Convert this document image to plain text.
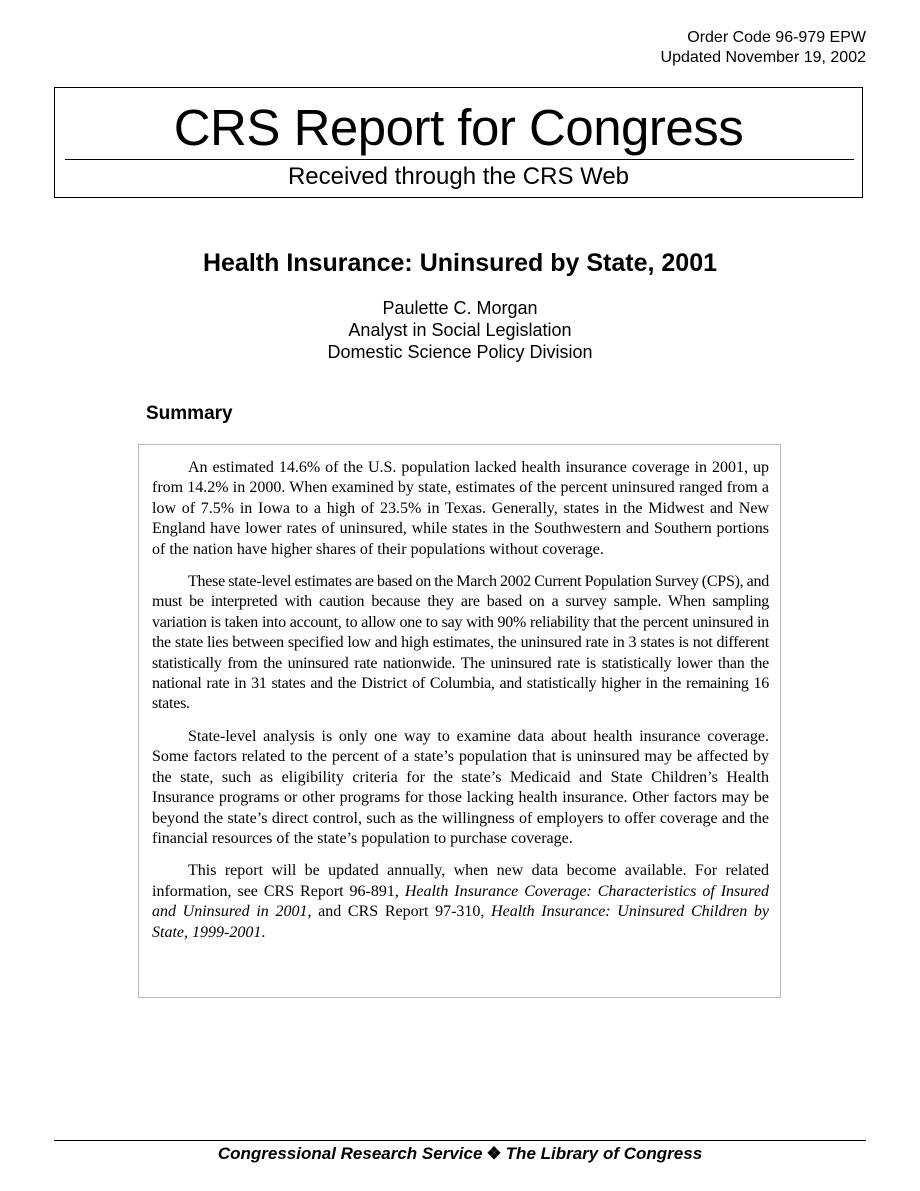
Order Code 96-979 EPW
Updated November 19, 2002
CRS Report for Congress
Received through the CRS Web
Health Insurance: Uninsured by State, 2001
Paulette C. Morgan
Analyst in Social Legislation
Domestic Science Policy Division
Summary

An estimated 14.6% of the U.S. population lacked health insurance coverage in 2001, up from 14.2% in 2000. When examined by state, estimates of the percent uninsured ranged from a low of 7.5% in Iowa to a high of 23.5% in Texas. Generally, states in the Midwest and New England have lower rates of uninsured, while states in the Southwestern and Southern portions of the nation have higher shares of their populations without coverage.

These state-level estimates are based on the March 2002 Current Population Survey (CPS), and must be interpreted with caution because they are based on a survey sample. When sampling variation is taken into account, to allow one to say with 90% reliability that the percent uninsured in the state lies between specified low and high estimates, the uninsured rate in 3 states is not different statistically from the uninsured rate nationwide. The uninsured rate is statistically lower than the national rate in 31 states and the District of Columbia, and statistically higher in the remaining 16 states.

State-level analysis is only one way to examine data about health insurance coverage. Some factors related to the percent of a state’s population that is uninsured may be affected by the state, such as eligibility criteria for the state’s Medicaid and State Children’s Health Insurance programs or other programs for those lacking health insurance. Other factors may be beyond the state’s direct control, such as the willingness of employers to offer coverage and the financial resources of the state’s population to purchase coverage.

This report will be updated annually, when new data become available. For related information, see CRS Report 96-891, Health Insurance Coverage: Characteristics of Insured and Uninsured in 2001, and CRS Report 97-310, Health Insurance: Uninsured Children by State, 1999-2001.

Congressional Research Service ❖ The Library of Congress
